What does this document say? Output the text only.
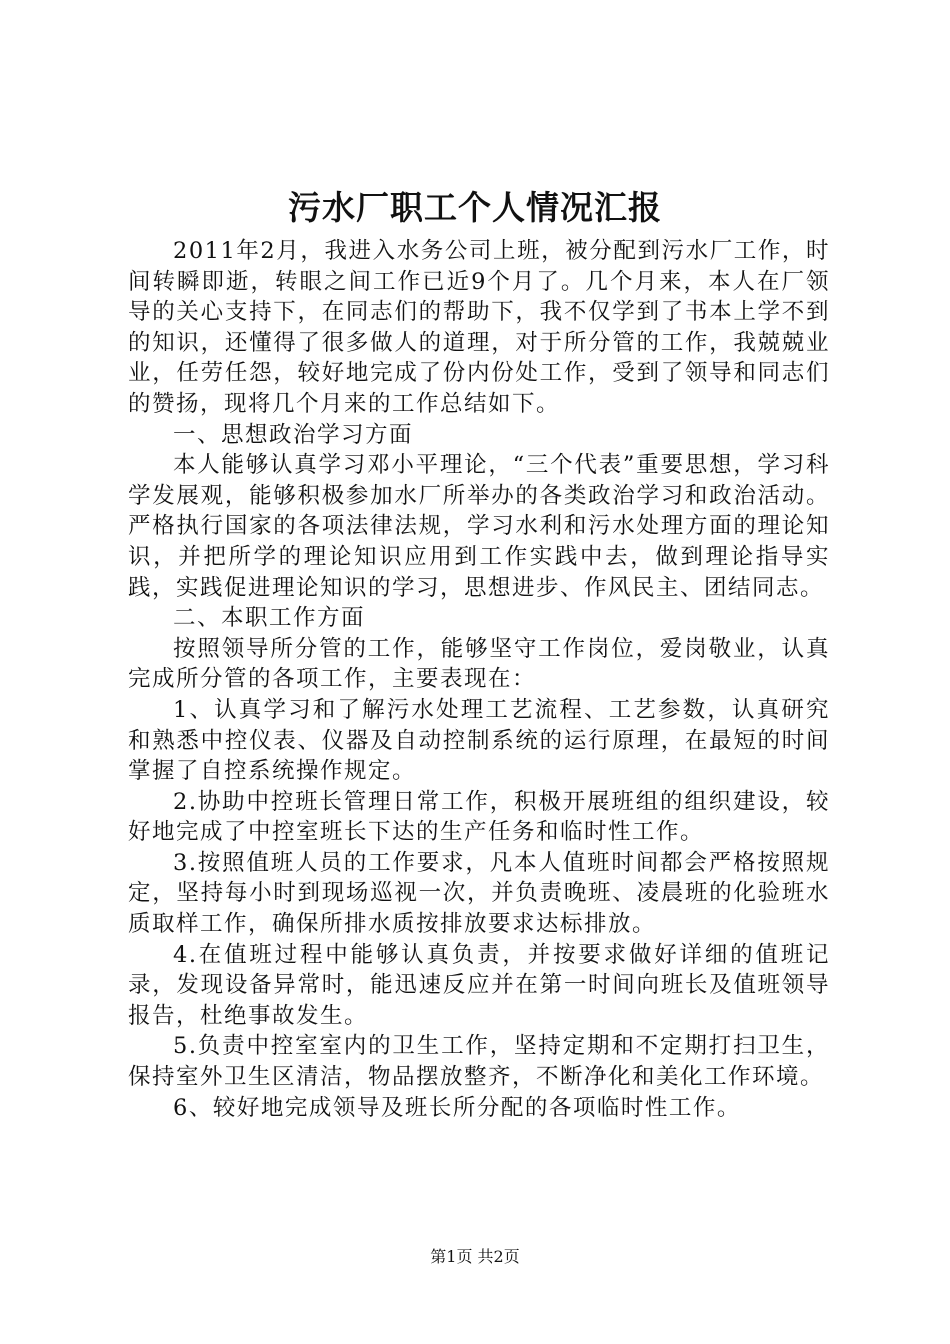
污水厂职工个人情况汇报

2011年2月，我进入水务公司上班，被分配到污水厂工作，时间转瞬即逝，转眼之间工作已近9个月了。几个月来，本人在厂领导的关心支持下，在同志们的帮助下，我不仅学到了书本上学不到的知识，还懂得了很多做人的道理，对于所分管的工作，我兢兢业业，任劳任怨，较好地完成了份内份处工作，受到了领导和同志们的赞扬，现将几个月来的工作总结如下。

一、思想政治学习方面

本人能够认真学习邓小平理论，“三个代表”重要思想，学习科学发展观，能够积极参加水厂所举办的各类政治学习和政治活动。严格执行国家的各项法律法规，学习水利和污水处理方面的理论知识，并把所学的理论知识应用到工作实践中去，做到理论指导实践，实践促进理论知识的学习，思想进步、作风民主、团结同志。

二、本职工作方面

按照领导所分管的工作，能够坚守工作岗位，爱岗敬业，认真完成所分管的各项工作，主要表现在：

1、认真学习和了解污水处理工艺流程、工艺参数，认真研究和熟悉中控仪表、仪器及自动控制系统的运行原理，在最短的时间掌握了自控系统操作规定。

2.协助中控班长管理日常工作，积极开展班组的组织建设，较好地完成了中控室班长下达的生产任务和临时性工作。

3.按照值班人员的工作要求，凡本人值班时间都会严格按照规定，坚持每小时到现场巡视一次，并负责晚班、凌晨班的化验班水质取样工作，确保所排水质按排放要求达标排放。

4.在值班过程中能够认真负责，并按要求做好详细的值班记录，发现设备异常时，能迅速反应并在第一时间向班长及值班领导报告，杜绝事故发生。

5.负责中控室室内的卫生工作，坚持定期和不定期打扫卫生，保持室外卫生区清洁，物品摆放整齐，不断净化和美化工作环境。

6、较好地完成领导及班长所分配的各项临时性工作。

第1页 共2页
